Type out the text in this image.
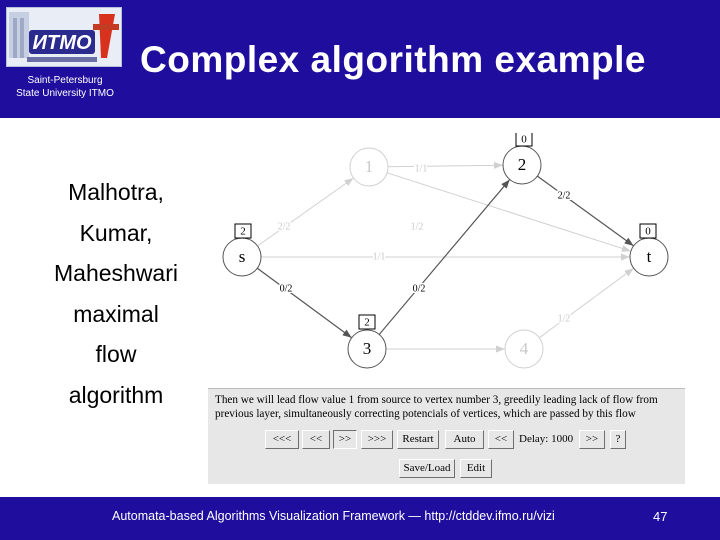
ИТМО
Saint-Petersburg
State University ITMO
Complex algorithm example
Malhotra,
Kumar,
Maheshwari
maximal
flow
algorithm
2/2
1/1
1/2
1/1
0/2	0/2
2/2
1/2
1	2
0
s
2
t
0
3
2
4
Then we will lead flow value 1 from source to vertex number 3, greedily leading lack of flow from
previous layer, simultaneously correcting potencials of vertices, which are passed by this flow
<<<	<<	>>	>>>	Restart	Auto	<<	Delay: 1000	>>	?
Save/Load	Edit
Automata-based Algorithms Visualization Framework — http://ctddev.ifmo.ru/vizi	47
